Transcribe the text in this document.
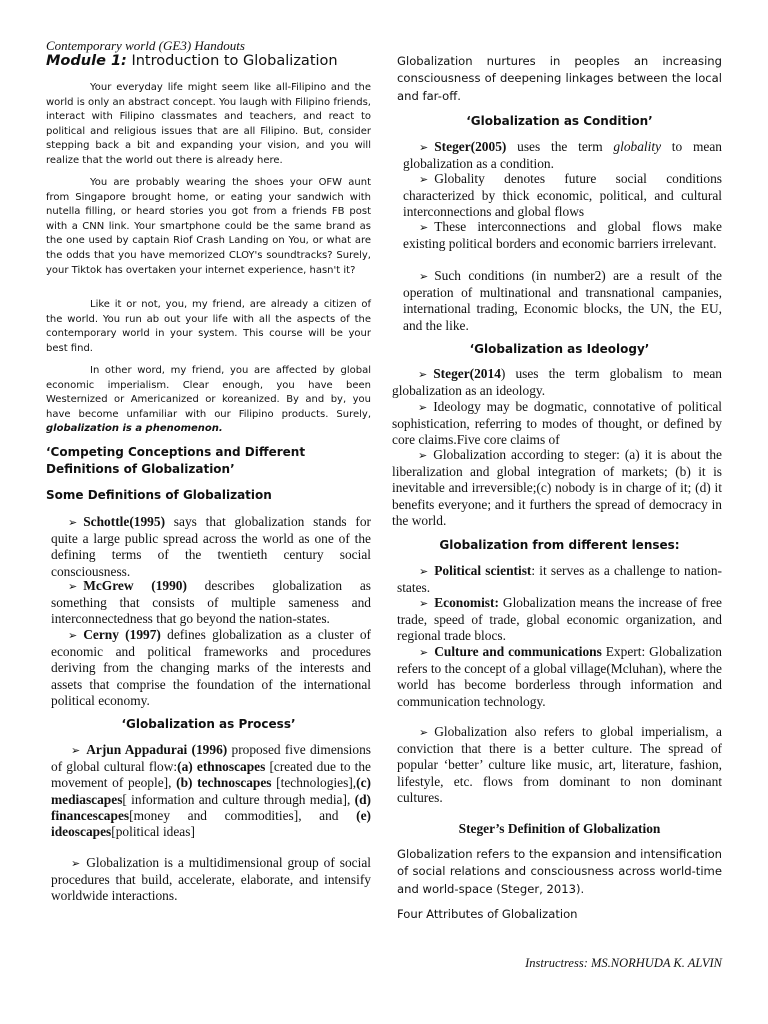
Contemporary world (GE3) Handouts
Module 1: Introduction to Globalization

Your everyday life might seem like all-Filipino and the world is only an abstract concept. You laugh with Filipino friends, interact with Filipino classmates and teachers, and react to political and religious issues that are all Filipino. But, consider stepping back a bit and expanding your vision, and you will realize that the world out there is already here.

You are probably wearing the shoes your OFW aunt from Singapore brought home, or eating your sandwich with nutella filling, or heard stories you got from a friends FB post with a CNN link. Your smartphone could be the same brand as the one used by captain Riof Crash Landing on You, or what are the odds that you have memorized CLOY's soundtracks? Surely, your Tiktok has overtaken your internet experience, hasn't it?

Like it or not, you, my friend, are already a citizen of the world. You run ab out your life with all the aspects of the contemporary world in your system. This course will be your best find.

In other word, my friend, you are affected by global economic imperialism. Clear enough, you have been Westernized or Americanized or koreanized. By and by, you have become unfamiliar with our Filipino products. Surely, globalization is a phenomenon.

‘Competing Conceptions and Different Definitions of Globalization’
Some Definitions of Globalization

➢ Schottle(1995) says that globalization stands for quite a large public spread across the world as one of the defining terms of the twentieth century social consciousness.

➢ McGrew (1990) describes globalization as something that consists of multiple sameness and interconnectedness that go beyond the nation-states.

➢ Cerny (1997) defines globalization as a cluster of economic and political frameworks and procedures deriving from the changing marks of the interests and assets that comprise the foundation of the international political economy.

‘Globalization as Process’

➢ Arjun Appadurai (1996) proposed five dimensions of global cultural flow:(a) ethnoscapes [created due to the movement of people], (b) technoscapes [technologies],(c) mediascapes[ information and culture through media], (d) financescapes[money and commodities], and (e) ideoscapes[political ideas]

➢ Globalization is a multidimensional group of social procedures that build, accelerate, elaborate, and intensify worldwide interactions.

Globalization nurtures in peoples an increasing consciousness of deepening linkages between the local and far-off.

‘Globalization as Condition’

➢ Steger(2005) uses the term globality to mean globalization as a condition.

➢ Globality denotes future social conditions characterized by thick economic, political, and cultural interconnections and global flows

➢ These interconnections and global flows make existing political borders and economic barriers irrelevant.

➢ Such conditions (in number2) are a result of the operation of multinational and transnational campanies, international trading, Economic blocks, the UN, the EU, and the like.

‘Globalization as Ideology’

➢ Steger(2014) uses the term globalism to mean globalization as an ideology.

➢ Ideology may be dogmatic, connotative of political sophistication, referring to modes of thought, or defined by core claims.Five core claims of

➢ Globalization according to steger: (a) it is about the liberalization and global integration of markets; (b) it is inevitable and irreversible;(c) nobody is in charge of it; (d) it benefits everyone; and it furthers the spread of democracy in the world.

Globalization from different lenses:

➢ Political scientist: it serves as a challenge to nation-states.

➢ Economist: Globalization means the increase of free trade, speed of trade, global economic organization, and regional trade blocs.

➢ Culture and communications Expert: Globalization refers to the concept of a global village(Mcluhan), where the world has become borderless through information and communication technology.

➢ Globalization also refers to global imperialism, a conviction that there is a better culture. The spread of popular ‘better’ culture like music, art, literature, fashion, lifestyle, etc. flows from dominant to non dominant cultures.

Steger’s Definition of Globalization

Globalization refers to the expansion and intensification of social relations and consciousness across world-time and world-space (Steger, 2013).

Four Attributes of Globalization
Instructress: MS.NORHUDA K. ALVIN
